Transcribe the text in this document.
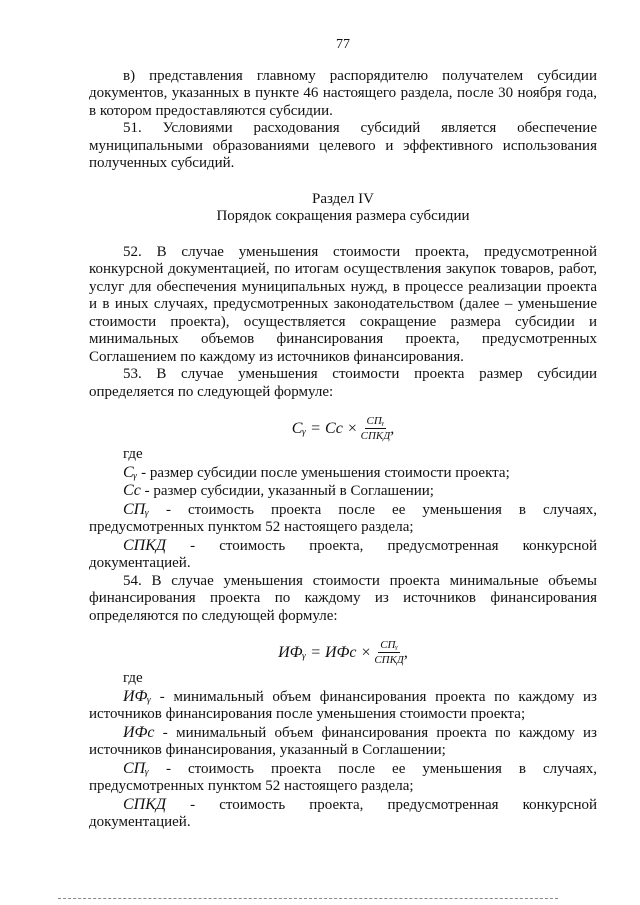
77

в) представления главному распорядителю получателем субсидии документов, указанных в пункте 46 настоящего раздела, после 30 ноября года, в котором предоставляются субсидии.

51. Условиями расходования субсидий является обеспечение муниципальными образованиями целевого и эффективного использования полученных субсидий.

Раздел IV

Порядок сокращения размера субсидии

52. В случае уменьшения стоимости проекта, предусмотренной конкурсной документацией, по итогам осуществления закупок товаров, работ, услуг для обеспечения муниципальных нужд, в процессе реализации проекта и в иных случаях, предусмотренных законодательством (далее – уменьшение стоимости проекта), осуществляется сокращение размера субсидии и минимальных объемов финансирования проекта, предусмотренных Соглашением по каждому из источников финансирования.

53. В случае уменьшения стоимости проекта размер субсидии определяется по следующей формуле:

Сᵧ = Сс × $\frac{\text{СПᵧ}}{\text{СПКД}}$ ,

где

Сᵧ - размер субсидии после уменьшения стоимости проекта;

Сс - размер субсидии, указанный в Соглашении;

СПᵧ - стоимость проекта после ее уменьшения в случаях, предусмотренных пунктом 52 настоящего раздела;

СПКД - стоимость проекта, предусмотренная конкурсной документацией.

54. В случае уменьшения стоимости проекта минимальные объемы финансирования проекта по каждому из источников финансирования определяются по следующей формуле:

ИФᵧ = ИФс × $\frac{\text{СПᵧ}}{\text{СПКД}}$ ,

где

ИФᵧ - минимальный объем финансирования проекта по каждому из источников финансирования после уменьшения стоимости проекта;

ИФс - минимальный объем финансирования проекта по каждому из источников финансирования, указанный в Соглашении;

СПᵧ - стоимость проекта после ее уменьшения в случаях, предусмотренных пунктом 52 настоящего раздела;

СПКД - стоимость проекта, предусмотренная конкурсной документацией.
